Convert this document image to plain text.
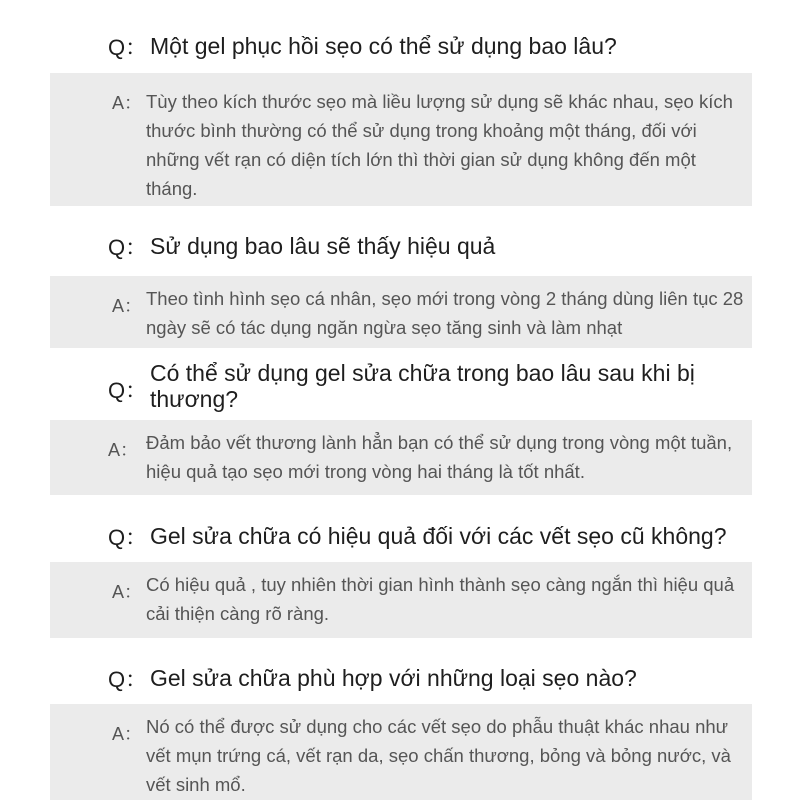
Q： Một gel phục hồi sẹo có thể sử dụng bao lâu?
A： Tùy theo kích thước sẹo mà liều lượng sử dụng sẽ khác nhau, sẹo kích thước bình thường có thể sử dụng trong khoảng một tháng, đối với những vết rạn có diện tích lớn thì thời gian sử dụng không đến một tháng.
Q： Sử dụng bao lâu sẽ thấy hiệu quả
A： Theo tình hình sẹo cá nhân, sẹo mới trong vòng 2 tháng dùng liên tục 28 ngày sẽ có tác dụng ngăn ngừa sẹo tăng sinh và làm nhạt
Q：
Có thể sử dụng gel sửa chữa trong bao lâu sau khi bị thương?
A： Đảm bảo vết thương lành hẳn bạn có thể sử dụng trong vòng một tuần, hiệu quả tạo sẹo mới trong vòng hai tháng là tốt nhất.
Q： Gel sửa chữa có hiệu quả đối với các vết sẹo cũ không?
A： Có hiệu quả , tuy nhiên thời gian hình thành sẹo càng ngắn thì hiệu quả cải thiện càng rõ ràng.
Q： Gel sửa chữa phù hợp với những loại sẹo nào?
A： Nó có thể được sử dụng cho các vết sẹo do phẫu thuật khác nhau như vết mụn trứng cá, vết rạn da, sẹo chấn thương, bỏng và bỏng nước, và vết sinh mổ.
